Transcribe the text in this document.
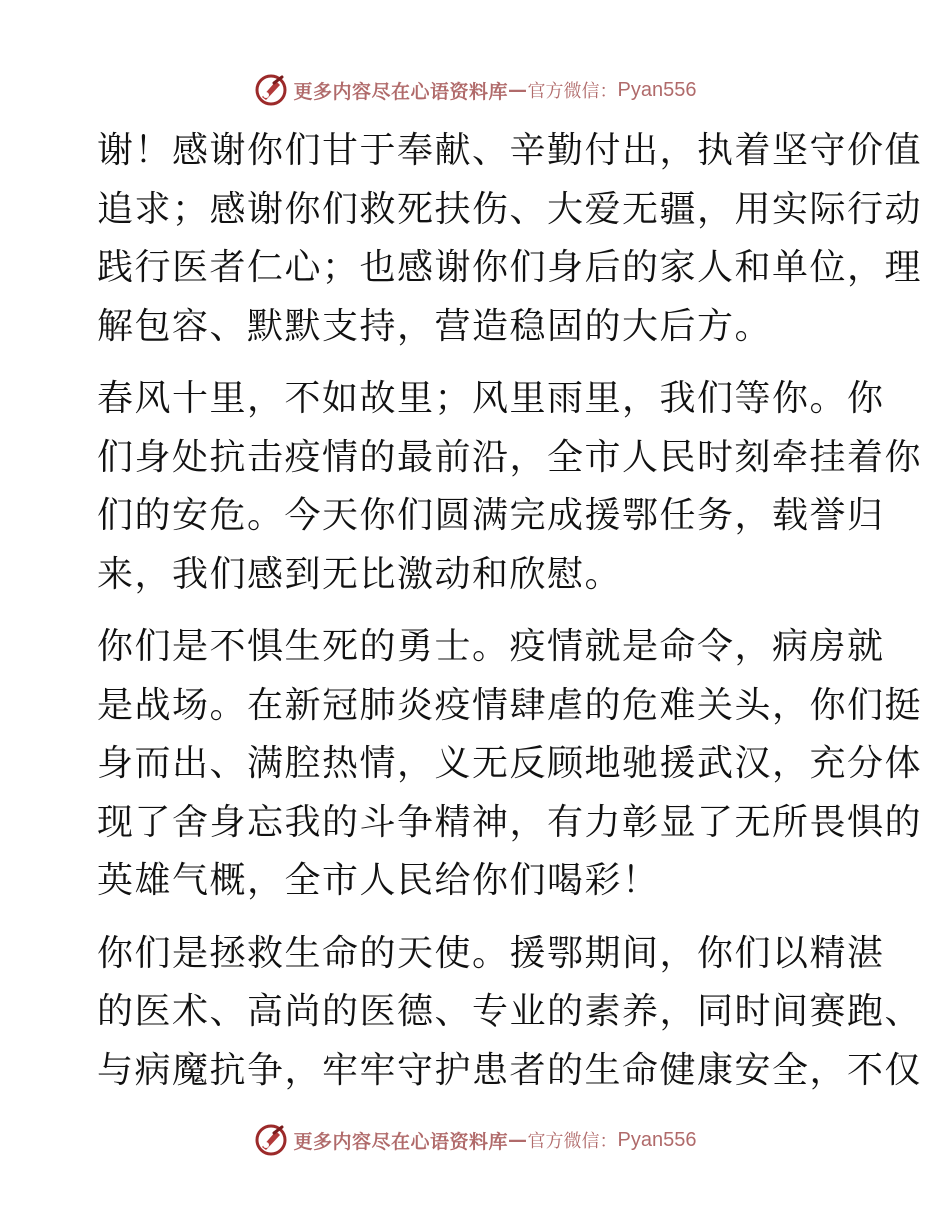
更多内容尽在心语资料库 — 官方微信： Pyan556
谢！感谢你们甘于奉献、辛勤付出，执着坚守价值
追求；感谢你们救死扶伤、大爱无疆，用实际行动
践行医者仁心；也感谢你们身后的家人和单位，理
解包容、默默支持，营造稳固的大后方。
春风十里，不如故里；风里雨里，我们等你。你
们身处抗击疫情的最前沿，全市人民时刻牵挂着你
们的安危。今天你们圆满完成援鄂任务，载誉归
来，我们感到无比激动和欣慰。
你们是不惧生死的勇士。疫情就是命令，病房就
是战场。在新冠肺炎疫情肆虐的危难关头，你们挺
身而出、满腔热情，义无反顾地驰援武汉，充分体
现了舍身忘我的斗争精神，有力彰显了无所畏惧的
英雄气概，全市人民给你们喝彩！
你们是拯救生命的天使。援鄂期间，你们以精湛
的医术、高尚的医德、专业的素养，同时间赛跑、
与病魔抗争，牢牢守护患者的生命健康安全，不仅
更多内容尽在心语资料库 — 官方微信： Pyan556
